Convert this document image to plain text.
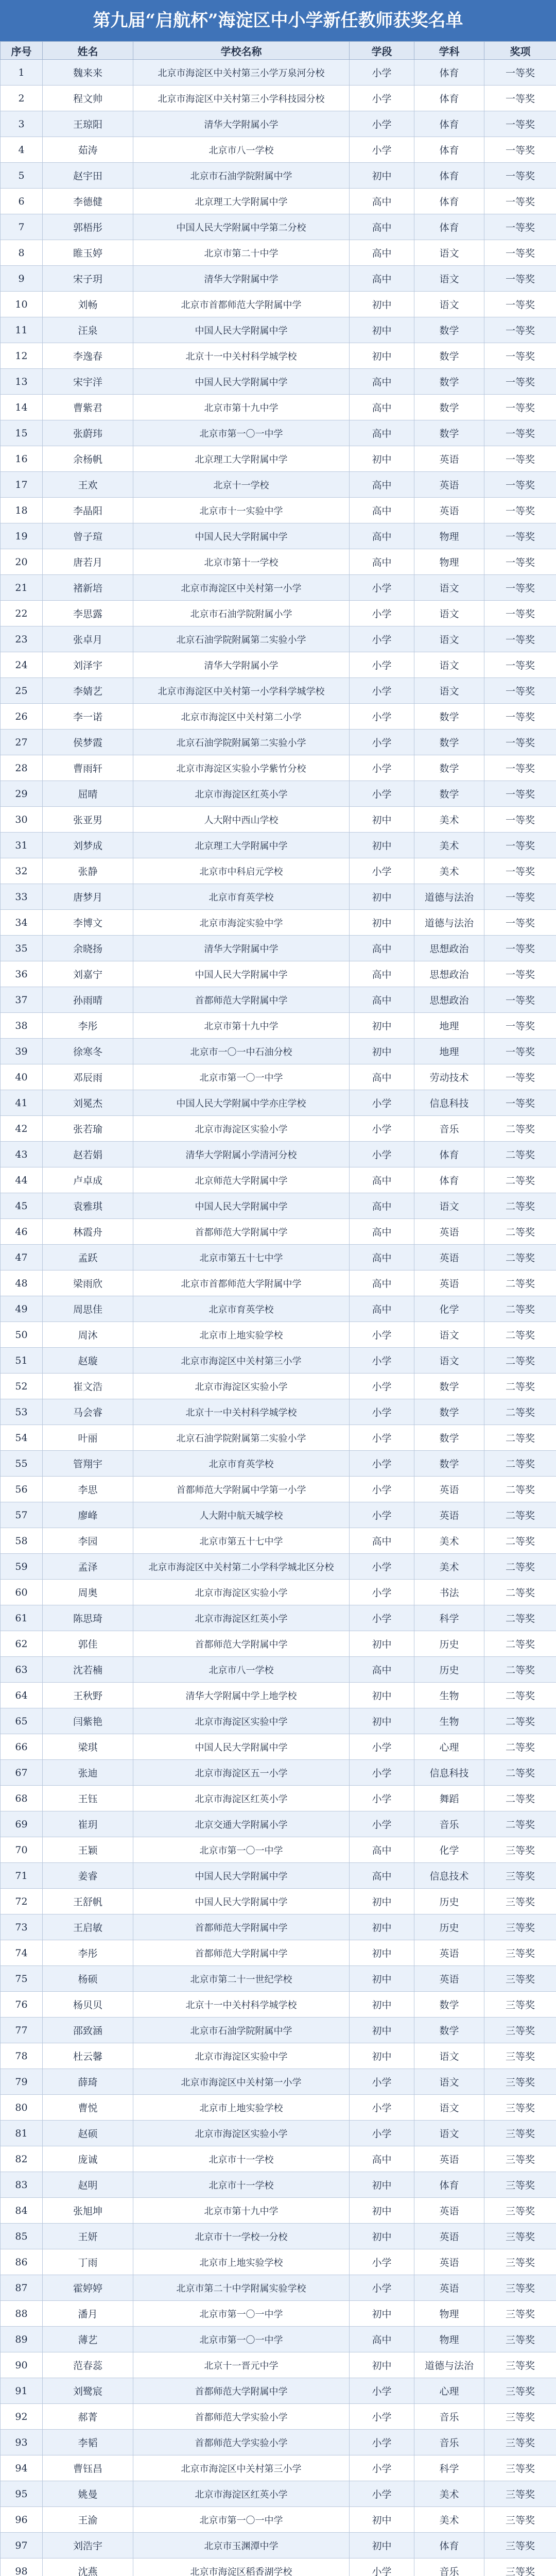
第九届“启航杯”海淀区中小学新任教师获奖名单
序号	姓名	学校名称	学段	学科	奖项
1	魏来来	北京市海淀区中关村第三小学万泉河分校	小学	体育	一等奖
2	程文帅	北京市海淀区中关村第三小学科技园分校	小学	体育	一等奖
3	王琼阳	清华大学附属小学	小学	体育	一等奖
4	茹涛	北京市八一学校	小学	体育	一等奖
5	赵宇田	北京市石油学院附属中学	初中	体育	一等奖
6	李德健	北京理工大学附属中学	高中	体育	一等奖
7	郭梧彤	中国人民大学附属中学第二分校	高中	体育	一等奖
8	睢玉婷	北京市第二十中学	高中	语文	一等奖
9	宋子玥	清华大学附属中学	高中	语文	一等奖
10	刘畅	北京市首都师范大学附属中学	初中	语文	一等奖
11	汪泉	中国人民大学附属中学	初中	数学	一等奖
12	李逸春	北京十一中关村科学城学校	初中	数学	一等奖
13	宋宇洋	中国人民大学附属中学	高中	数学	一等奖
14	曹紫君	北京市第十九中学	高中	数学	一等奖
15	张蔚玮	北京市第一〇一中学	高中	数学	一等奖
16	余杨帆	北京理工大学附属中学	初中	英语	一等奖
17	王欢	北京十一学校	高中	英语	一等奖
18	李晶阳	北京市十一实验中学	高中	英语	一等奖
19	曾子瑄	中国人民大学附属中学	高中	物理	一等奖
20	唐若月	北京市第十一学校	高中	物理	一等奖
21	褚新培	北京市海淀区中关村第一小学	小学	语文	一等奖
22	李思露	北京市石油学院附属小学	小学	语文	一等奖
23	张卓月	北京石油学院附属第二实验小学	小学	语文	一等奖
24	刘泽宇	清华大学附属小学	小学	语文	一等奖
25	李婧艺	北京市海淀区中关村第一小学科学城学校	小学	语文	一等奖
26	李一诺	北京市海淀区中关村第二小学	小学	数学	一等奖
27	侯梦霞	北京石油学院附属第二实验小学	小学	数学	一等奖
28	曹雨轩	北京市海淀区实验小学紫竹分校	小学	数学	一等奖
29	屈晴	北京市海淀区红英小学	小学	数学	一等奖
30	张亚男	人大附中西山学校	初中	美术	一等奖
31	刘梦成	北京理工大学附属中学	初中	美术	一等奖
32	张静	北京市中科启元学校	小学	美术	一等奖
33	唐梦月	北京市育英学校	初中	道德与法治	一等奖
34	李博文	北京市海淀实验中学	初中	道德与法治	一等奖
35	余晓扬	清华大学附属中学	高中	思想政治	一等奖
36	刘嘉宁	中国人民大学附属中学	高中	思想政治	一等奖
37	孙雨晴	首都师范大学附属中学	高中	思想政治	一等奖
38	李彤	北京市第十九中学	初中	地理	一等奖
39	徐寒冬	北京市一〇一中石油分校	初中	地理	一等奖
40	邓辰雨	北京市第一〇一中学	高中	劳动技术	一等奖
41	刘冕杰	中国人民大学附属中学亦庄学校	小学	信息科技	一等奖
42	张若瑜	北京市海淀区实验小学	小学	音乐	二等奖
43	赵若娟	清华大学附属小学清河分校	小学	体育	二等奖
44	卢卓成	北京师范大学附属中学	高中	体育	二等奖
45	袁雅琪	中国人民大学附属中学	高中	语文	二等奖
46	林霞舟	首都师范大学附属中学	高中	英语	二等奖
47	孟跃	北京市第五十七中学	高中	英语	二等奖
48	梁雨欣	北京市首都师范大学附属中学	高中	英语	二等奖
49	周思佳	北京市育英学校	高中	化学	二等奖
50	周沐	北京市上地实验学校	小学	语文	二等奖
51	赵璇	北京市海淀区中关村第三小学	小学	语文	二等奖
52	崔文浩	北京市海淀区实验小学	小学	数学	二等奖
53	马会睿	北京十一中关村科学城学校	小学	数学	二等奖
54	叶丽	北京石油学院附属第二实验小学	小学	数学	二等奖
55	管翔宇	北京市育英学校	小学	数学	二等奖
56	李思	首都师范大学附属中学第一小学	小学	英语	二等奖
57	廖峰	人大附中航天城学校	小学	英语	二等奖
58	李园	北京市第五十七中学	高中	美术	二等奖
59	孟泽	北京市海淀区中关村第二小学科学城北区分校	小学	美术	二等奖
60	周奥	北京市海淀区实验小学	小学	书法	二等奖
61	陈思琦	北京市海淀区红英小学	小学	科学	二等奖
62	郭佳	首都师范大学附属中学	初中	历史	二等奖
63	沈若楠	北京市八一学校	高中	历史	二等奖
64	王秋野	清华大学附属中学上地学校	初中	生物	二等奖
65	闫紫艳	北京市海淀区实验中学	初中	生物	二等奖
66	梁琪	中国人民大学附属中学	小学	心理	二等奖
67	张迪	北京市海淀区五一小学	小学	信息科技	二等奖
68	王钰	北京市海淀区红英小学	小学	舞蹈	二等奖
69	崔玥	北京交通大学附属小学	小学	音乐	二等奖
70	王颖	北京市第一〇一中学	高中	化学	三等奖
71	姜睿	中国人民大学附属中学	高中	信息技术	三等奖
72	王舒帆	中国人民大学附属中学	初中	历史	三等奖
73	王启敏	首都师范大学附属中学	初中	历史	三等奖
74	李彤	首都师范大学附属中学	初中	英语	三等奖
75	杨硕	北京市第二十一世纪学校	初中	英语	三等奖
76	杨贝贝	北京十一中关村科学城学校	初中	数学	三等奖
77	邵致涵	北京市石油学院附属中学	初中	数学	三等奖
78	杜云馨	北京市海淀区实验中学	初中	语文	三等奖
79	薛琦	北京市海淀区中关村第一小学	小学	语文	三等奖
80	曹悦	北京市上地实验学校	小学	语文	三等奖
81	赵硕	北京市海淀区实验小学	小学	语文	三等奖
82	庞诚	北京市十一学校	高中	英语	三等奖
83	赵明	北京市十一学校	初中	体育	三等奖
84	张旭坤	北京市第十九中学	初中	英语	三等奖
85	王妍	北京市十一学校一分校	初中	英语	三等奖
86	丁雨	北京市上地实验学校	小学	英语	三等奖
87	霍婷婷	北京市第二十中学附属实验学校	小学	英语	三等奖
88	潘月	北京市第一〇一中学	初中	物理	三等奖
89	薄艺	北京市第一〇一中学	高中	物理	三等奖
90	范春蕊	北京十一晋元中学	初中	道德与法治	三等奖
91	刘鹭宸	首都师范大学附属中学	小学	心理	三等奖
92	郝菁	首都师范大学实验小学	小学	音乐	三等奖
93	李韬	首都师范大学实验小学	小学	音乐	三等奖
94	曹钰昌	北京市海淀区中关村第三小学	小学	科学	三等奖
95	姚曼	北京市海淀区红英小学	小学	美术	三等奖
96	王渝	北京市第一〇一中学	初中	美术	三等奖
97	刘浩宇	北京市玉渊潭中学	初中	体育	三等奖
98	沈燕	北京市海淀区稻香湖学校	小学	音乐	三等奖
